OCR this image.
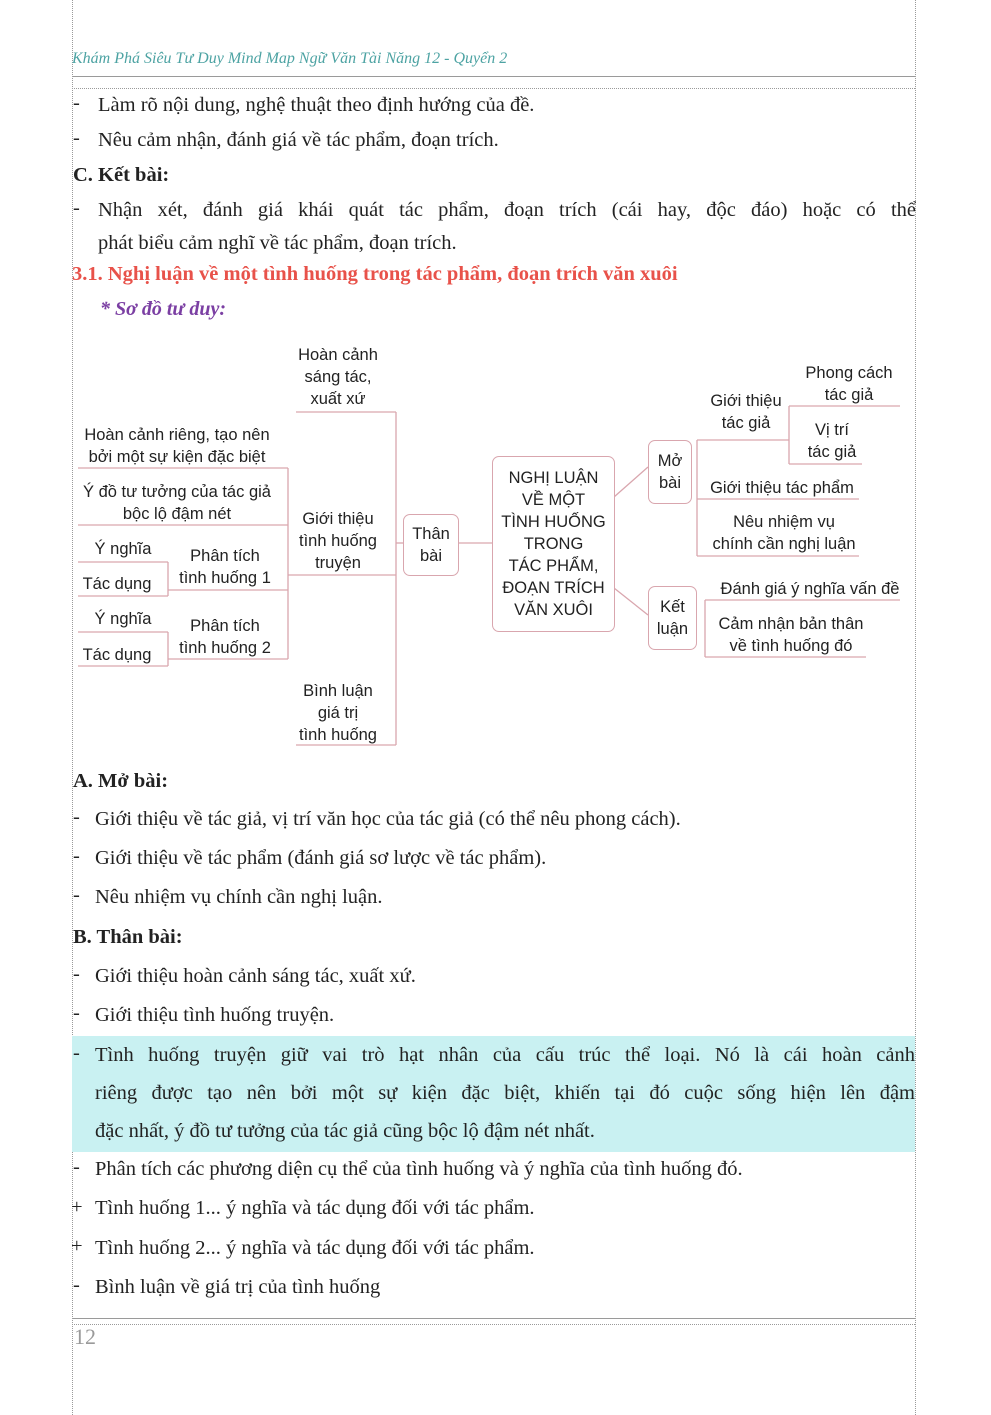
Khám Phá Siêu Tư Duy Mind Map Ngữ Văn Tài Năng 12 - Quyển 2
- Làm rõ nội dung, nghệ thuật theo định hướng của đề.
- Nêu cảm nhận, đánh giá về tác phẩm, đoạn trích.
C. Kết bài:
- Nhận xét, đánh giá khái quát tác phẩm, đoạn trích (cái hay, độc đáo) hoặc có thể
phát biểu cảm nghĩ về tác phẩm, đoạn trích.
3.1. Nghị luận về một tình huống trong tác phẩm, đoạn trích văn xuôi
* Sơ đồ tư duy:
NGHỊ LUẬN
VỀ MỘT
TÌNH HUỐNG
TRONG
TÁC PHẨM,
ĐOẠN TRÍCH
VĂN XUÔI
Mở
bài
Kết
luận
Thân
bài
Giới thiệu
tác giả
Phong cách
tác giả
Vị trí
tác giả
Giới thiệu tác phẩm
Nêu nhiệm vụ
chính cần nghị luận
Đánh giá ý nghĩa vấn đề
Cảm nhận bản thân
về tình huống đó
Hoàn cảnh
sáng tác,
xuất xứ
Giới thiệu
tình huống
truyện
Bình luận
giá trị
tình huống
Hoàn cảnh riêng, tạo nên
bởi một sự kiện đặc biệt
Ý đồ tư tưởng của tác giả
bộc lộ đậm nét
Phân tích
tình huống 1
Phân tích
tình huống 2
Ý nghĩa
Tác dụng
Ý nghĩa
Tác dụng
A. Mở bài:
- Giới thiệu về tác giả, vị trí văn học của tác giả (có thể nêu phong cách).
- Giới thiệu về tác phẩm (đánh giá sơ lược về tác phẩm).
- Nêu nhiệm vụ chính cần nghị luận.
B. Thân bài:
- Giới thiệu hoàn cảnh sáng tác, xuất xứ.
- Giới thiệu tình huống truyện.
- Tình huống truyện giữ vai trò hạt nhân của cấu trúc thể loại. Nó là cái hoàn cảnh
riêng được tạo nên bởi một sự kiện đặc biệt, khiến tại đó cuộc sống hiện lên đậm
đặc nhất, ý đồ tư tưởng của tác giả cũng bộc lộ đậm nét nhất.
- Phân tích các phương diện cụ thể của tình huống và ý nghĩa của tình huống đó.
+ Tình huống 1... ý nghĩa và tác dụng đối với tác phẩm.
+ Tình huống 2... ý nghĩa và tác dụng đối với tác phẩm.
- Bình luận về giá trị của tình huống
12
